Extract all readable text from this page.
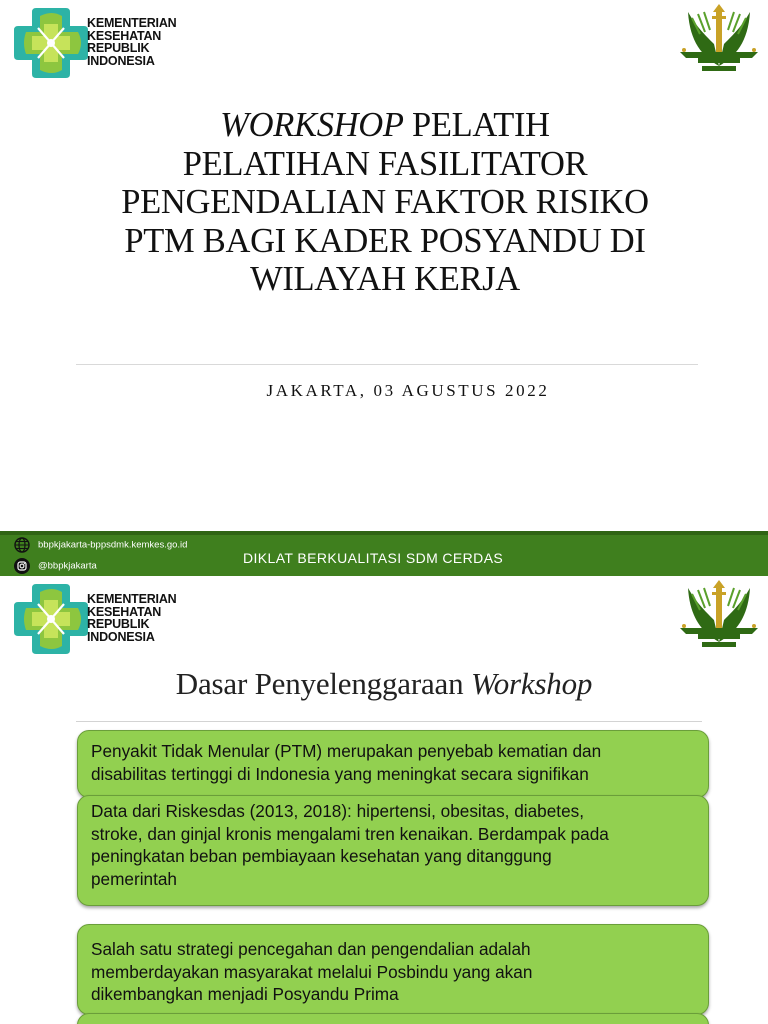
KEMENTERIAN
KESEHATAN
REPUBLIK
INDONESIA
WORKSHOP PELATIH
PELATIHAN FASILITATOR
PENGENDALIAN FAKTOR RISIKO
PTM BAGI KADER POSYANDU DI
WILAYAH KERJA
JAKARTA, 03 AGUSTUS 2022
bbpkjakarta-bppsdmk.kemkes.go.id
@bbpkjakarta
DIKLAT BERKUALITASI SDM CERDAS
KEMENTERIAN
KESEHATAN
REPUBLIK
INDONESIA
Dasar Penyelenggaraan Workshop
Penyakit Tidak Menular (PTM) merupakan penyebab kematian dan
disabilitas tertinggi di Indonesia yang meningkat secara signifikan
Data dari Riskesdas (2013, 2018): hipertensi, obesitas, diabetes,
stroke, dan ginjal kronis mengalami tren kenaikan. Berdampak pada
peningkatan beban pembiayaan kesehatan yang ditanggung
pemerintah
Salah satu strategi pencegahan dan pengendalian adalah
memberdayakan masyarakat melalui Posbindu yang akan
dikembangkan menjadi Posyandu Prima
